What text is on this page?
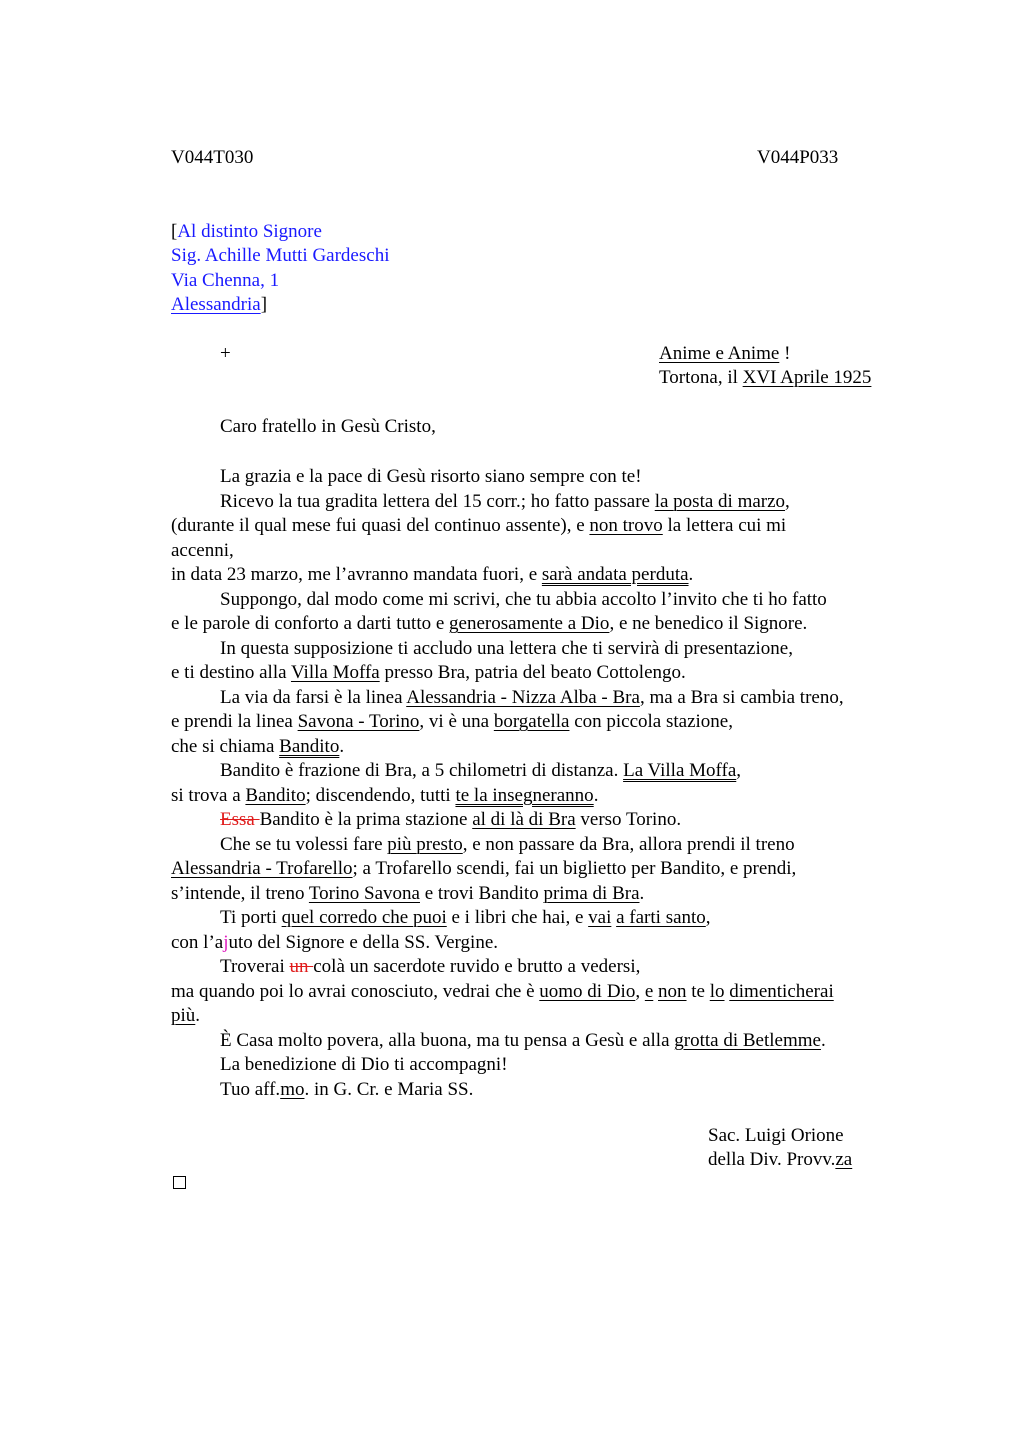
V044T030	V044P033
[Al distinto Signore
Sig. Achille Mutti Gardeschi
Via Chenna, 1
Alessandria]
+	Anime e Anime !
Tortona, il XVI Aprile 1925
Caro fratello in Gesù Cristo,

La grazia e la pace di Gesù risorto siano sempre con te!

Ricevo la tua gradita lettera del 15 corr.; ho fatto passare la posta di marzo,

(durante il qual mese fui quasi del continuo assente), e non trovo la lettera cui mi

accenni,

in data 23 marzo, me l’avranno mandata fuori, e sarà andata perduta.

Suppongo, dal modo come mi scrivi, che tu abbia accolto l’invito che ti ho fatto

e le parole di conforto a darti tutto e generosamente a Dio, e ne benedico il Signore.

In questa supposizione ti accludo una lettera che ti servirà di presentazione,

e ti destino alla Villa Moffa presso Bra, patria del beato Cottolengo.

La via da farsi è la linea Alessandria - Nizza Alba - Bra, ma a Bra si cambia treno,

e prendi la linea Savona - Torino, vi è una borgatella con piccola stazione,

che si chiama Bandito.

Bandito è frazione di Bra, a 5 chilometri di distanza. La Villa Moffa,

si trova a Bandito; discendendo, tutti te la insegneranno.

Essa Bandito è la prima stazione al di là di Bra verso Torino.

Che se tu volessi fare più presto, e non passare da Bra, allora prendi il treno

Alessandria - Trofarello; a Trofarello scendi, fai un biglietto per Bandito, e prendi,

s’intende, il treno Torino Savona e trovi Bandito prima di Bra.

Ti porti quel corredo che puoi e i libri che hai, e vai a farti santo,

con l’ajuto del Signore e della SS. Vergine.

Troverai un colà un sacerdote ruvido e brutto a vedersi,

ma quando poi lo avrai conosciuto, vedrai che è uomo di Dio, e non te lo dimenticherai

più.

È Casa molto povera, alla buona, ma tu pensa a Gesù e alla grotta di Betlemme.

La benedizione di Dio ti accompagni!

Tuo aff.mo. in G. Cr. e Maria SS.

Sac. Luigi Orione
della Div. Provv.za
